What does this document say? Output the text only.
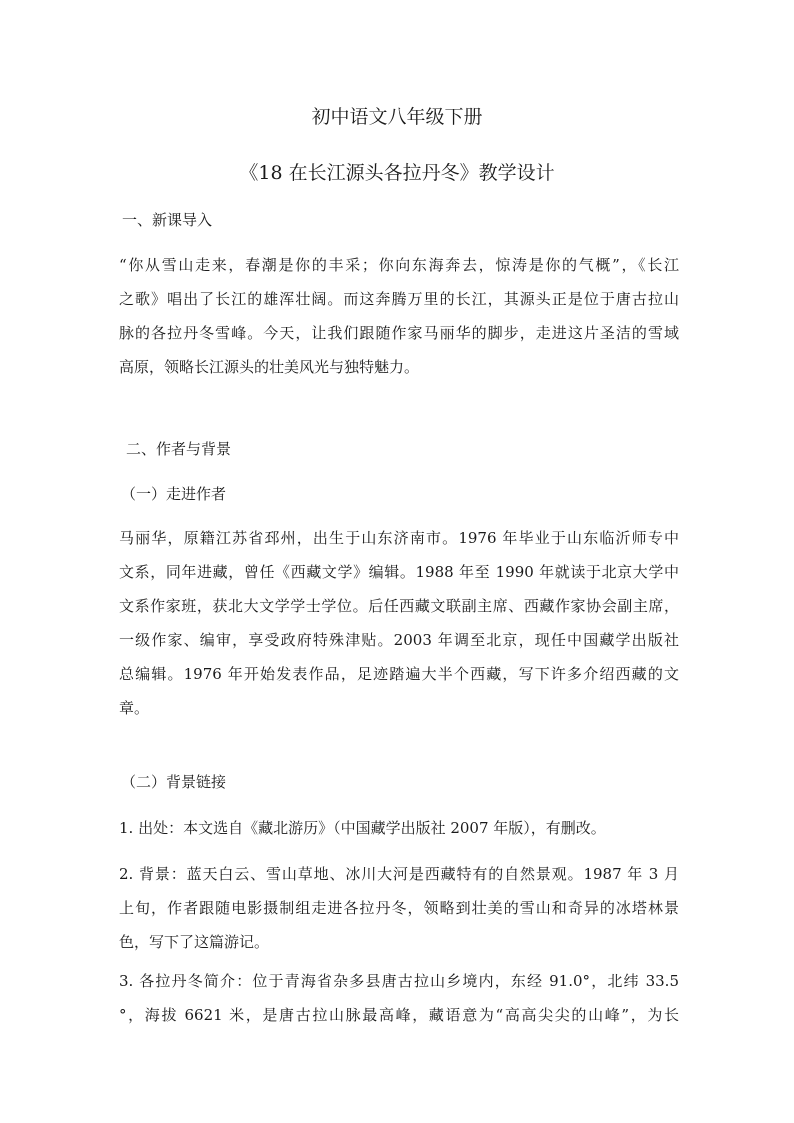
初中语文八年级下册
《18 在长江源头各拉丹冬》教学设计
一、新课导入

“你从雪山走来，春潮是你的丰采；你向东海奔去，惊涛是你的气概”，《长江
之歌》唱出了长江的雄浑壮阔。而这奔腾万里的长江，其源头正是位于唐古拉山
脉的各拉丹冬雪峰。今天，让我们跟随作家马丽华的脚步，走进这片圣洁的雪域
高原，领略长江源头的壮美风光与独特魅力。

二、作者与背景
（一）走进作者

马丽华，原籍江苏省邳州，出生于山东济南市。1976 年毕业于山东临沂师专中
文系，同年进藏，曾任《西藏文学》编辑。1988 年至 1990 年就读于北京大学中
文系作家班，获北大文学学士学位。后任西藏文联副主席、西藏作家协会副主席，
一级作家、编审，享受政府特殊津贴。2003 年调至北京，现任中国藏学出版社
总编辑。1976 年开始发表作品，足迹踏遍大半个西藏，写下许多介绍西藏的文
章。

（二）背景链接

1. 出处：本文选自《藏北游历》（中国藏学出版社 2007 年版），有删改。

2. 背景：蓝天白云、雪山草地、冰川大河是西藏特有的自然景观。1987 年 3 月
上旬，作者跟随电影摄制组走进各拉丹冬，领略到壮美的雪山和奇异的冰塔林景
色，写下了这篇游记。

3. 各拉丹冬简介：位于青海省杂多县唐古拉山乡境内，东经 91.0°，北纬 33.5
°，海拔 6621 米，是唐古拉山脉最高峰，藏语意为“高高尖尖的山峰”，为长
